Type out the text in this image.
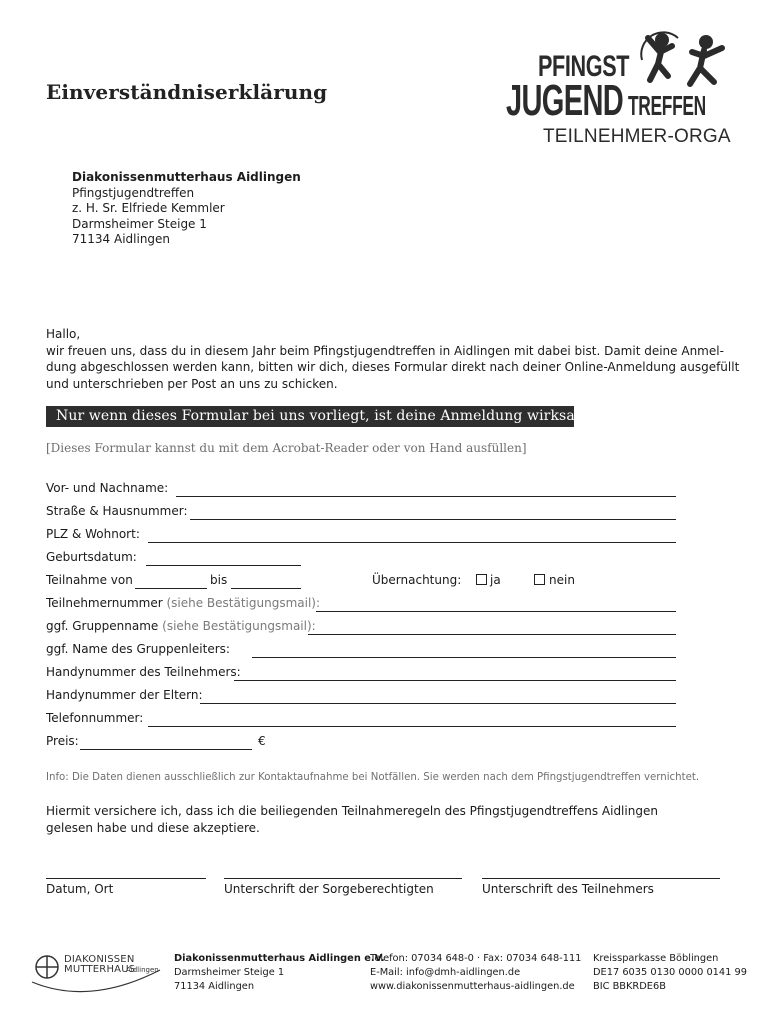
Einverständniserklärung
PFINGST
JUGEND TREFFEN
TEILNEHMER-ORGA
Diakonissenmutterhaus Aidlingen
Pfingstjugendtreffen
z. H. Sr. Elfriede Kemmler
Darmsheimer Steige 1
71134 Aidlingen
Hallo,
wir freuen uns, dass du in diesem Jahr beim Pfingstjugendtreffen in Aidlingen mit dabei bist. Damit deine Anmel-
dung abgeschlossen werden kann, bitten wir dich, dieses Formular direkt nach deiner Online-Anmeldung ausgefüllt
und unterschrieben per Post an uns zu schicken.
Nur wenn dieses Formular bei uns vorliegt, ist deine Anmeldung wirksam!
[Dieses Formular kannst du mit dem Acrobat-Reader oder von Hand ausfüllen]
Vor- und Nachname:
Straße & Hausnummer:
PLZ & Wohnort:
Geburtsdatum:
Teilnahme von	bis	Übernachtung: ja	nein
Teilnehmernummer (siehe Bestätigungsmail):
ggf. Gruppenname (siehe Bestätigungsmail):
ggf. Name des Gruppenleiters:
Handynummer des Teilnehmers:
Handynummer der Eltern:
Telefonnummer:
Preis:	€
Info: Die Daten dienen ausschließlich zur Kontaktaufnahme bei Notfällen. Sie werden nach dem Pfingstjugendtreffen vernichtet.
Hiermit versichere ich, dass ich die beiliegenden Teilnahmeregeln des Pfingstjugendtreffens Aidlingen
gelesen habe und diese akzeptiere.
Datum, Ort	Unterschrift der Sorgeberechtigten	Unterschrift des Teilnehmers
DIAKONISSEN
MUTTERHAUS
Aidlingen
Diakonissenmutterhaus Aidlingen e.V.
Darmsheimer Steige 1
71134 Aidlingen
Telefon: 07034 648-0 · Fax: 07034 648-111
E-Mail: info@dmh-aidlingen.de
www.diakonissenmutterhaus-aidlingen.de
Kreissparkasse Böblingen
DE17 6035 0130 0000 0141 99
BIC BBKRDE6B
